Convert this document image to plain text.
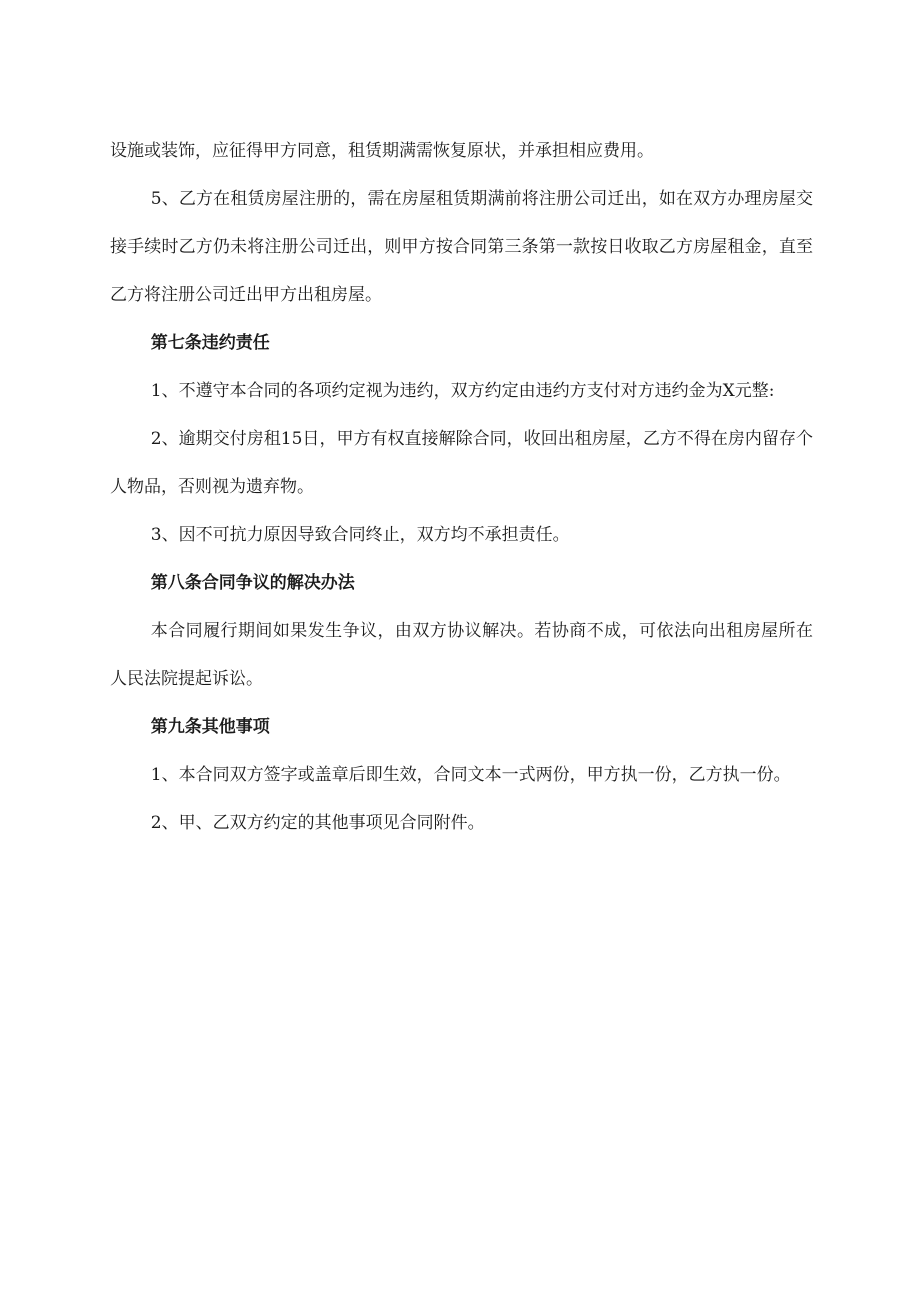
设施或装饰，应征得甲方同意，租赁期满需恢复原状，并承担相应费用。

5、乙方在租赁房屋注册的，需在房屋租赁期满前将注册公司迁出，如在双方办理房屋交接手续时乙方仍未将注册公司迁出，则甲方按合同第三条第一款按日收取乙方房屋租金，直至乙方将注册公司迁出甲方出租房屋。

第七条违约责任

1、不遵守本合同的各项约定视为违约，双方约定由违约方支付对方违约金为X元整:

2、逾期交付房租15日，甲方有权直接解除合同，收回出租房屋，乙方不得在房内留存个人物品，否则视为遗弃物。

3、因不可抗力原因导致合同终止，双方均不承担责任。

第八条合同争议的解决办法

本合同履行期间如果发生争议，由双方协议解决。若协商不成，可依法向出租房屋所在人民法院提起诉讼。

第九条其他事项

1、本合同双方签字或盖章后即生效，合同文本一式两份，甲方执一份，乙方执一份。

2、甲、乙双方约定的其他事项见合同附件。
